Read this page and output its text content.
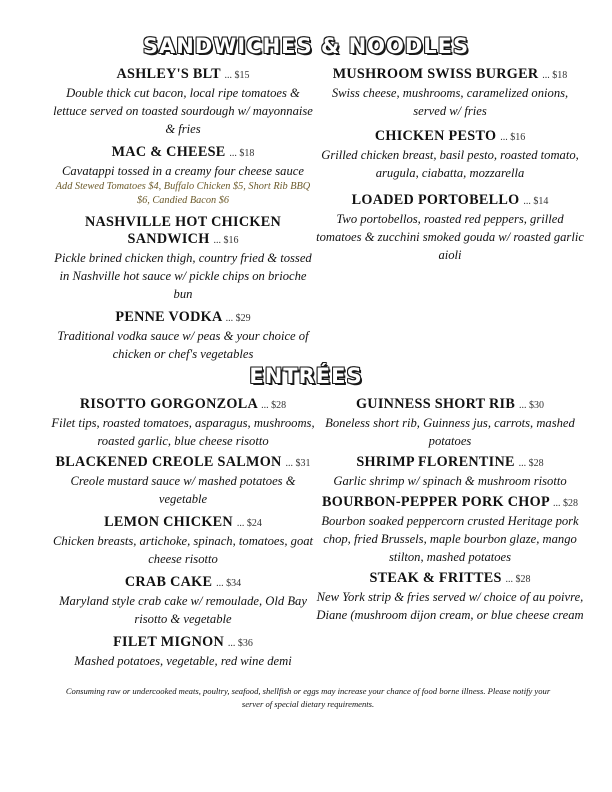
SANDWICHES & NOODLES
ASHLEY'S BLT ... $15
Double thick cut bacon, local ripe tomatoes & lettuce served on toasted sourdough w/ mayonnaise & fries
MAC & CHEESE ... $18
Cavatappi tossed in a creamy four cheese sauce
Add Stewed Tomatoes $4, Buffalo Chicken $5, Short Rib BBQ $6, Candied Bacon $6
NASHVILLE HOT CHICKEN SANDWICH ... $16
Pickle brined chicken thigh, country fried & tossed in Nashville hot sauce w/ pickle chips on brioche bun
PENNE VODKA ... $29
Traditional vodka sauce w/ peas & your choice of chicken or chef's vegetables
MUSHROOM SWISS BURGER ... $18
Swiss cheese, mushrooms, caramelized onions, served w/ fries
CHICKEN PESTO ... $16
Grilled chicken breast, basil pesto, roasted tomato, arugula, ciabatta, mozzarella
LOADED PORTOBELLO ... $14
Two portobellos, roasted red peppers, grilled tomatoes & zucchini smoked gouda w/ roasted garlic aioli
ENTRÉES
RISOTTO GORGONZOLA ... $28
Filet tips, roasted tomatoes, asparagus, mushrooms, roasted garlic, blue cheese risotto
BLACKENED CREOLE SALMON ... $31
Creole mustard sauce w/ mashed potatoes & vegetable
LEMON CHICKEN ... $24
Chicken breasts, artichoke, spinach, tomatoes, goat cheese risotto
CRAB CAKE ... $34
Maryland style crab cake w/ remoulade, Old Bay risotto & vegetable
FILET MIGNON ... $36
Mashed potatoes, vegetable, red wine demi
GUINNESS SHORT RIB ... $30
Boneless short rib, Guinness jus, carrots, mashed potatoes
SHRIMP FLORENTINE ... $28
Garlic shrimp w/ spinach & mushroom risotto
BOURBON-PEPPER PORK CHOP ... $28
Bourbon soaked peppercorn crusted Heritage pork chop, fried Brussels, maple bourbon glaze, mango stilton, mashed potatoes
STEAK & FRITTES ... $28
New York strip & fries served w/ choice of au poivre, Diane (mushroom dijon cream, or blue cheese cream
Consuming raw or undercooked meats, poultry, seafood, shellfish or eggs may increase your chance of food borne illness. Please notify your server of special dietary requirements.
